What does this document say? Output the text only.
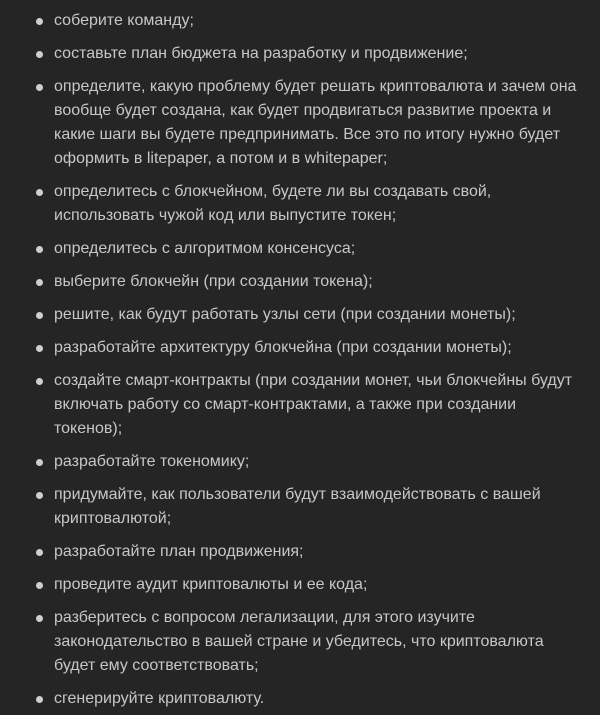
соберите команду;
составьте план бюджета на разработку и продвижение;
определите, какую проблему будет решать криптовалюта и зачем она вообще будет создана, как будет продвигаться развитие проекта и какие шаги вы будете предпринимать. Все это по итогу нужно будет оформить в litepaper, а потом и в whitepaper;
определитесь с блокчейном, будете ли вы создавать свой, использовать чужой код или выпустите токен;
определитесь с алгоритмом консенсуса;
выберите блокчейн (при создании токена);
решите, как будут работать узлы сети (при создании монеты);
разработайте архитектуру блокчейна (при создании монеты);
создайте смарт-контракты (при создании монет, чьи блокчейны будут включать работу со смарт-контрактами, а также при создании токенов);
разработайте токеномику;
придумайте, как пользователи будут взаимодействовать с вашей криптовалютой;
разработайте план продвижения;
проведите аудит криптовалюты и ее кода;
разберитесь с вопросом легализации, для этого изучите законодательство в вашей стране и убедитесь, что криптовалюта будет ему соответствовать;
сгенерируйте криптовалюту.
